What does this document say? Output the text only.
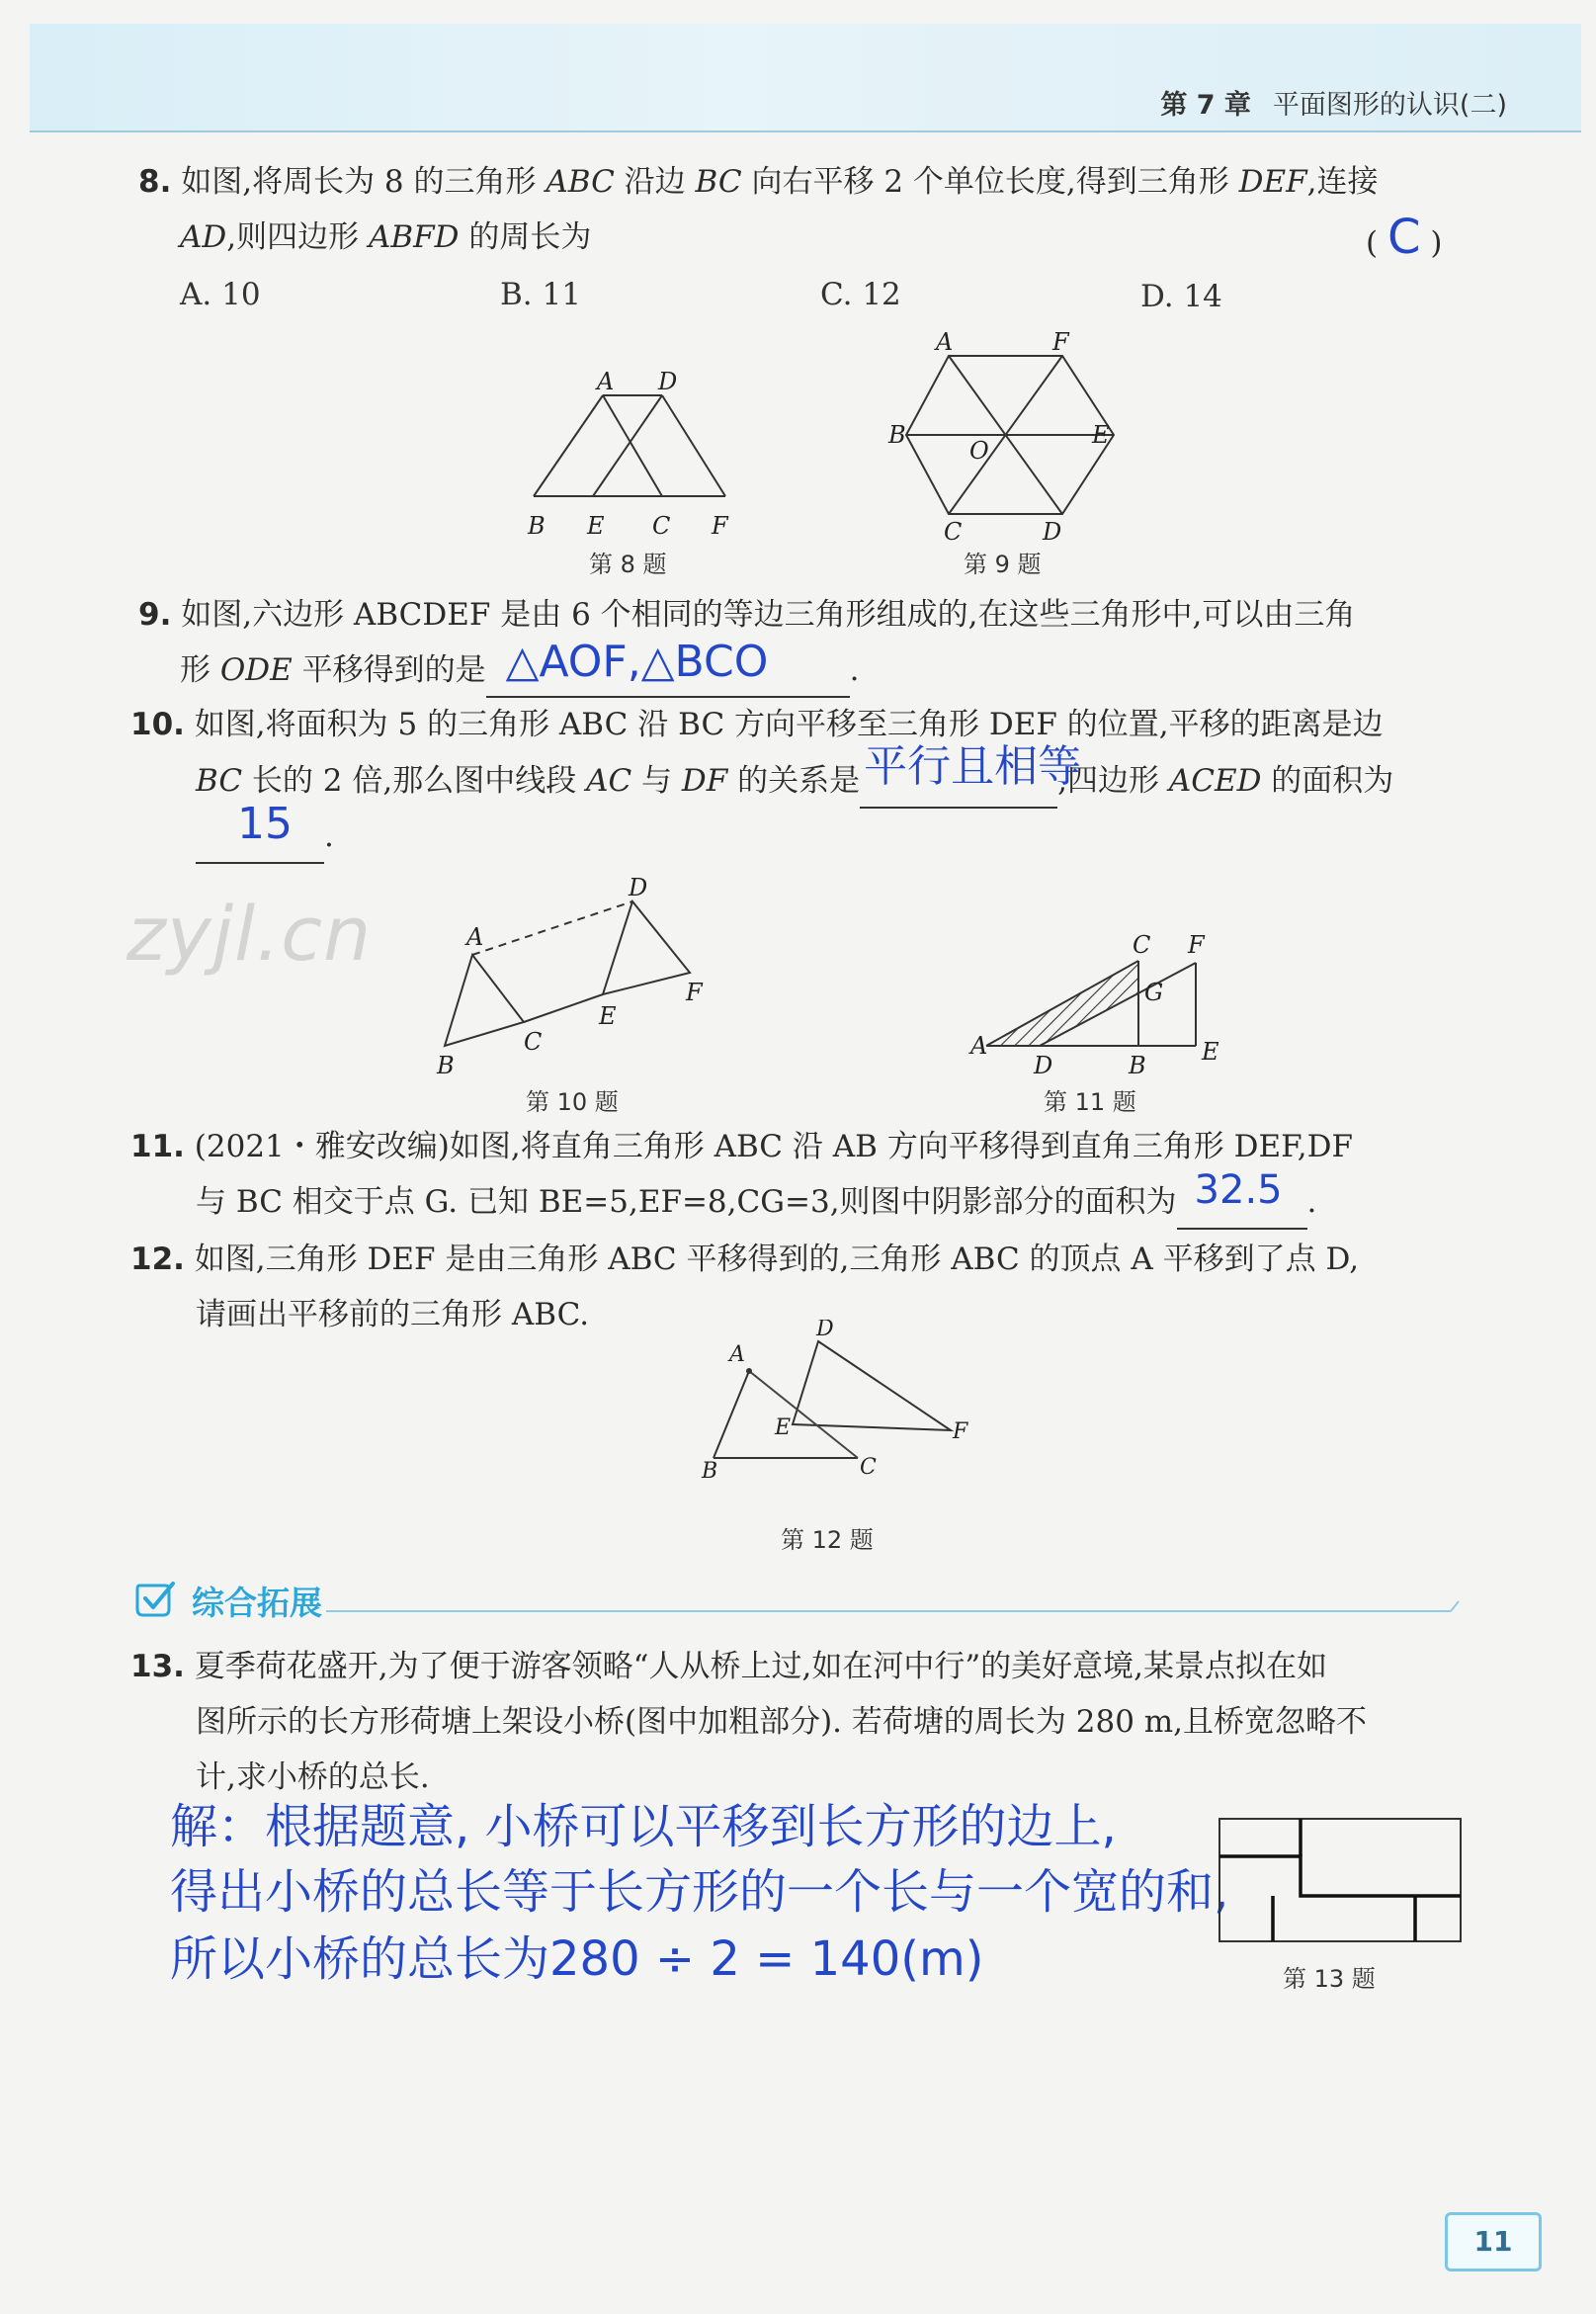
第 7 章 平面图形的认识(二)
8. 如图,将周长为 8 的三角形 ABC 沿边 BC 向右平移 2 个单位长度,得到三角形 DEF,连接
AD,则四边形 ABFD 的周长为	( C )
A. 10	B. 11	C. 12	D. 14
A D
B E C F
第 8 题
A	F
B	E
O
C	D
第 9 题
9. 如图,六边形 ABCDEF 是由 6 个相同的等边三角形组成的,在这些三角形中,可以由三角
形 ODE 平移得到的是 △AOF,△BCO	.
10. 如图,将面积为 5 的三角形 ABC 沿 BC 方向平移至三角形 DEF 的位置,平移的距离是边
BC 长的 2 倍,那么图中线段 AC 与 DF 的关系是 平行且相等
,四边形 ACED 的面积为
15 .
zyjl.cn	A
B
C
D
E
F
第 10 题
A
D	B E
C F
G
第 11 题
11. (2021・雅安改编)如图,将直角三角形 ABC 沿 AB 方向平移得到直角三角形 DEF,DF
与 BC 相交于点 G. 已知 BE=5,EF=8,CG=3,则图中阴影部分的面积为 32.5 .
12. 如图,三角形 DEF 是由三角形 ABC 平移得到的,三角形 ABC 的顶点 A 平移到了点 D,
请画出平移前的三角形 ABC.
A
B	C
D
E	F
第 12 题
综合拓展
13. 夏季荷花盛开,为了便于游客领略“人从桥上过,如在河中行”的美好意境,某景点拟在如
图所示的长方形荷塘上架设小桥(图中加粗部分). 若荷塘的周长为 280 m,且桥宽忽略不
计,求小桥的总长.
解：根据题意, 小桥可以平移到长方形的边上,
得出小桥的总长等于长方形的一个长与一个宽的和,
所以小桥的总长为280 ÷ 2 = 140(m)	第 13 题
11
